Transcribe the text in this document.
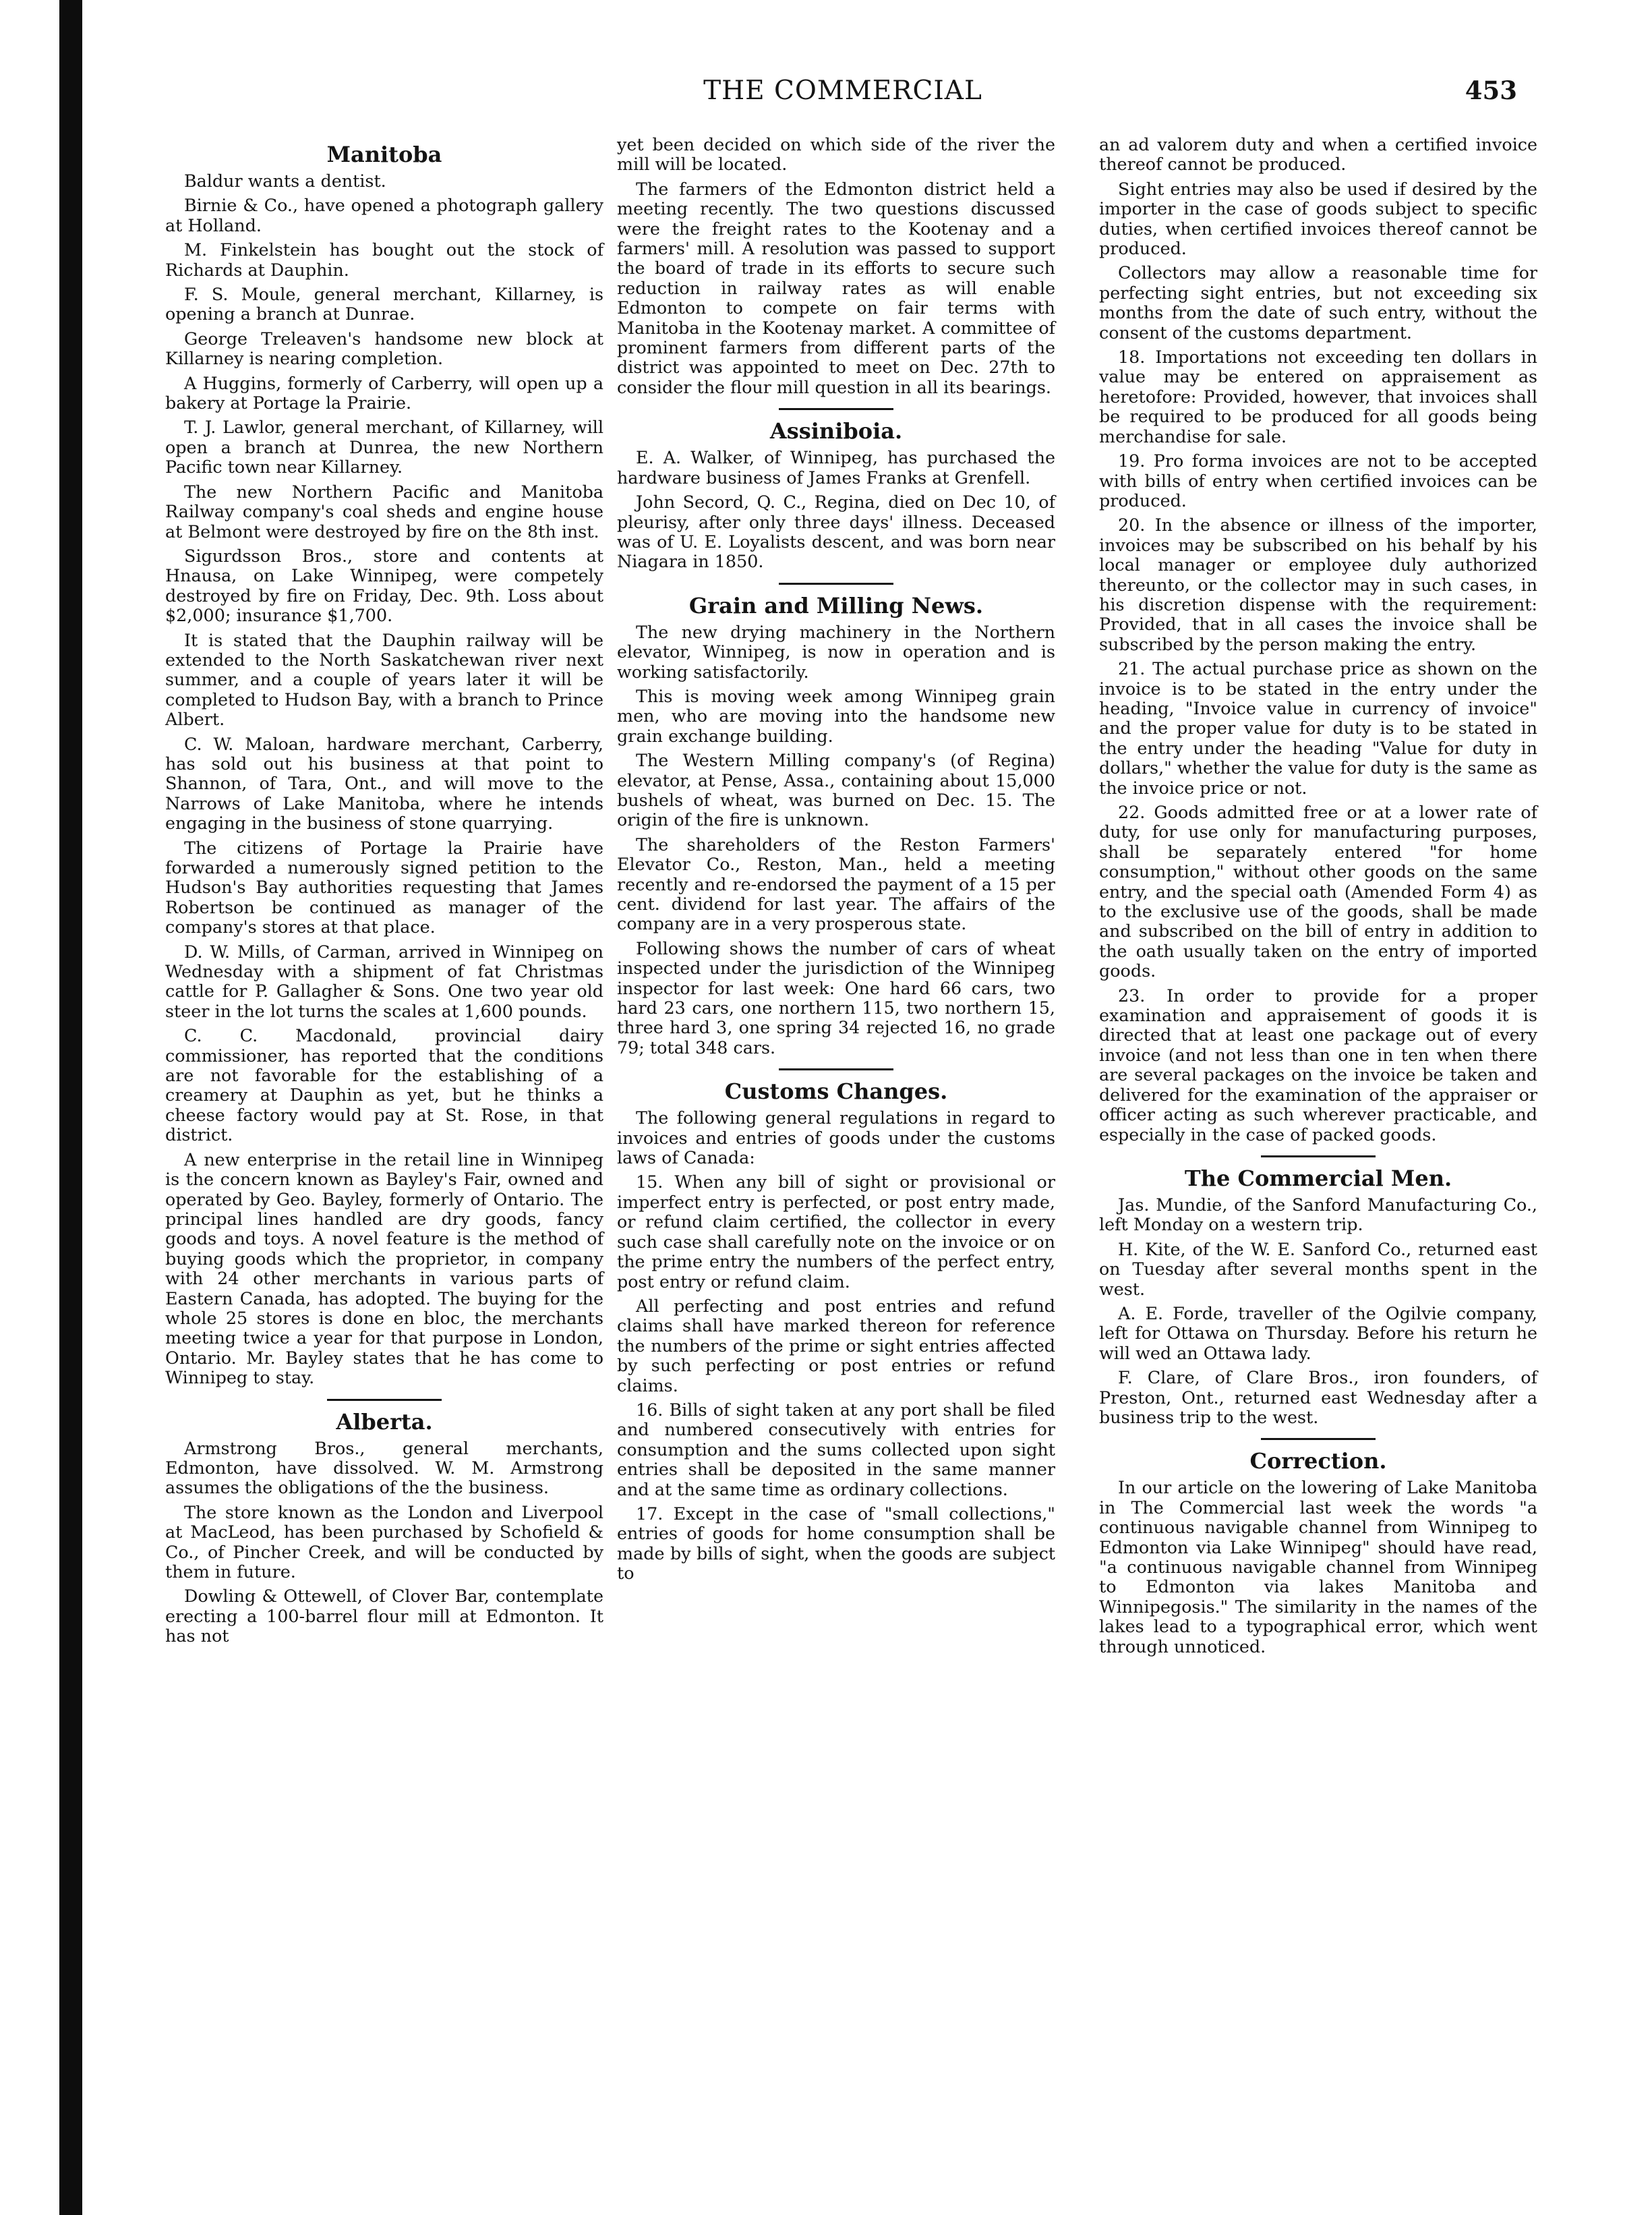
THE COMMERCIAL	453
Manitoba

Baldur wants a dentist.

Birnie & Co., have opened a photograph gallery at Holland.

M. Finkelstein has bought out the stock of Richards at Dauphin.

F. S. Moule, general merchant, Killarney, is opening a branch at Dunrae.

George Treleaven's handsome new block at Killarney is nearing completion.

A Huggins, formerly of Carberry, will open up a bakery at Portage la Prairie.

T. J. Lawlor, general merchant, of Killarney, will open a branch at Dunrea, the new Northern Pacific town near Killarney.

The new Northern Pacific and Manitoba Railway company's coal sheds and engine house at Belmont were destroyed by fire on the 8th inst.

Sigurdsson Bros., store and contents at Hnausa, on Lake Winnipeg, were competely destroyed by fire on Friday, Dec. 9th. Loss about $2,000; insurance $1,700.

It is stated that the Dauphin railway will be extended to the North Saskatchewan river next summer, and a couple of years later it will be completed to Hudson Bay, with a branch to Prince Albert.

C. W. Maloan, hardware merchant, Carberry, has sold out his business at that point to Shannon, of Tara, Ont., and will move to the Narrows of Lake Manitoba, where he intends engaging in the business of stone quarrying.

The citizens of Portage la Prairie have forwarded a numerously signed petition to the Hudson's Bay authorities requesting that James Robertson be continued as manager of the company's stores at that place.

D. W. Mills, of Carman, arrived in Winnipeg on Wednesday with a shipment of fat Christmas cattle for P. Gallagher & Sons. One two year old steer in the lot turns the scales at 1,600 pounds.

C. C. Macdonald, provincial dairy commissioner, has reported that the conditions are not favorable for the establishing of a creamery at Dauphin as yet, but he thinks a cheese factory would pay at St. Rose, in that district.

A new enterprise in the retail line in Winnipeg is the concern known as Bayley's Fair, owned and operated by Geo. Bayley, formerly of Ontario. The principal lines handled are dry goods, fancy goods and toys. A novel feature is the method of buying goods which the proprietor, in company with 24 other merchants in various parts of Eastern Canada, has adopted. The buying for the whole 25 stores is done en bloc, the merchants meeting twice a year for that purpose in London, Ontario. Mr. Bayley states that he has come to Winnipeg to stay.

Alberta.

Armstrong Bros., general merchants, Edmonton, have dissolved. W. M. Armstrong assumes the obligations of the the business.

The store known as the London and Liverpool at MacLeod, has been purchased by Schofield & Co., of Pincher Creek, and will be conducted by them in future.

Dowling & Ottewell, of Clover Bar, contemplate erecting a 100-barrel flour mill at Edmonton. It has not

yet been decided on which side of the river the mill will be located.

The farmers of the Edmonton district held a meeting recently. The two questions discussed were the freight rates to the Kootenay and a farmers' mill. A resolution was passed to support the board of trade in its efforts to secure such reduction in railway rates as will enable Edmonton to compete on fair terms with Manitoba in the Kootenay market. A committee of prominent farmers from different parts of the district was appointed to meet on Dec. 27th to consider the flour mill question in all its bearings.

Assiniboia.

E. A. Walker, of Winnipeg, has purchased the hardware business of James Franks at Grenfell.

John Secord, Q. C., Regina, died on Dec 10, of pleurisy, after only three days' illness. Deceased was of U. E. Loyalists descent, and was born near Niagara in 1850.

Grain and Milling News.

The new drying machinery in the Northern elevator, Winnipeg, is now in operation and is working satisfactorily.

This is moving week among Winnipeg grain men, who are moving into the handsome new grain exchange building.

The Western Milling company's (of Regina) elevator, at Pense, Assa., containing about 15,000 bushels of wheat, was burned on Dec. 15. The origin of the fire is unknown.

The shareholders of the Reston Farmers' Elevator Co., Reston, Man., held a meeting recently and re-endorsed the payment of a 15 per cent. dividend for last year. The affairs of the company are in a very prosperous state.

Following shows the number of cars of wheat inspected under the jurisdiction of the Winnipeg inspector for last week: One hard 66 cars, two hard 23 cars, one northern 115, two northern 15, three hard 3, one spring 34 rejected 16, no grade 79; total 348 cars.

Customs Changes.

The following general regulations in regard to invoices and entries of goods under the customs laws of Canada:

15. When any bill of sight or provisional or imperfect entry is perfected, or post entry made, or refund claim certified, the collector in every such case shall carefully note on the invoice or on the prime entry the numbers of the perfect entry, post entry or refund claim.

All perfecting and post entries and refund claims shall have marked thereon for reference the numbers of the prime or sight entries affected by such perfecting or post entries or refund claims.

16. Bills of sight taken at any port shall be filed and numbered consecutively with entries for consumption and the sums collected upon sight entries shall be deposited in the same manner and at the same time as ordinary collections.

17. Except in the case of "small collections," entries of goods for home consumption shall be made by bills of sight, when the goods are subject to

an ad valorem duty and when a certified invoice thereof cannot be produced.

Sight entries may also be used if desired by the importer in the case of goods subject to specific duties, when certified invoices thereof cannot be produced.

Collectors may allow a reasonable time for perfecting sight entries, but not exceeding six months from the date of such entry, without the consent of the customs department.

18. Importations not exceeding ten dollars in value may be entered on appraisement as heretofore: Provided, however, that invoices shall be required to be produced for all goods being merchandise for sale.

19. Pro forma invoices are not to be accepted with bills of entry when certified invoices can be produced.

20. In the absence or illness of the importer, invoices may be subscribed on his behalf by his local manager or employee duly authorized thereunto, or the collector may in such cases, in his discretion dispense with the requirement: Provided, that in all cases the invoice shall be subscribed by the person making the entry.

21. The actual purchase price as shown on the invoice is to be stated in the entry under the heading, "Invoice value in currency of invoice" and the proper value for duty is to be stated in the entry under the heading "Value for duty in dollars," whether the value for duty is the same as the invoice price or not.

22. Goods admitted free or at a lower rate of duty, for use only for manufacturing purposes, shall be separately entered "for home consumption," without other goods on the same entry, and the special oath (Amended Form 4) as to the exclusive use of the goods, shall be made and subscribed on the bill of entry in addition to the oath usually taken on the entry of imported goods.

23. In order to provide for a proper examination and appraisement of goods it is directed that at least one package out of every invoice (and not less than one in ten when there are several packages on the invoice be taken and delivered for the examination of the appraiser or officer acting as such wherever practicable, and especially in the case of packed goods.

The Commercial Men.

Jas. Mundie, of the Sanford Manufacturing Co., left Monday on a western trip.

H. Kite, of the W. E. Sanford Co., returned east on Tuesday after several months spent in the west.

A. E. Forde, traveller of the Ogilvie company, left for Ottawa on Thursday. Before his return he will wed an Ottawa lady.

F. Clare, of Clare Bros., iron founders, of Preston, Ont., returned east Wednesday after a business trip to the west.

Correction.

In our article on the lowering of Lake Manitoba in The Commercial last week the words "a continuous navigable channel from Winnipeg to Edmonton via Lake Winnipeg" should have read, "a continuous navigable channel from Winnipeg to Edmonton via lakes Manitoba and Winnipegosis." The similarity in the names of the lakes lead to a typographical error, which went through unnoticed.
